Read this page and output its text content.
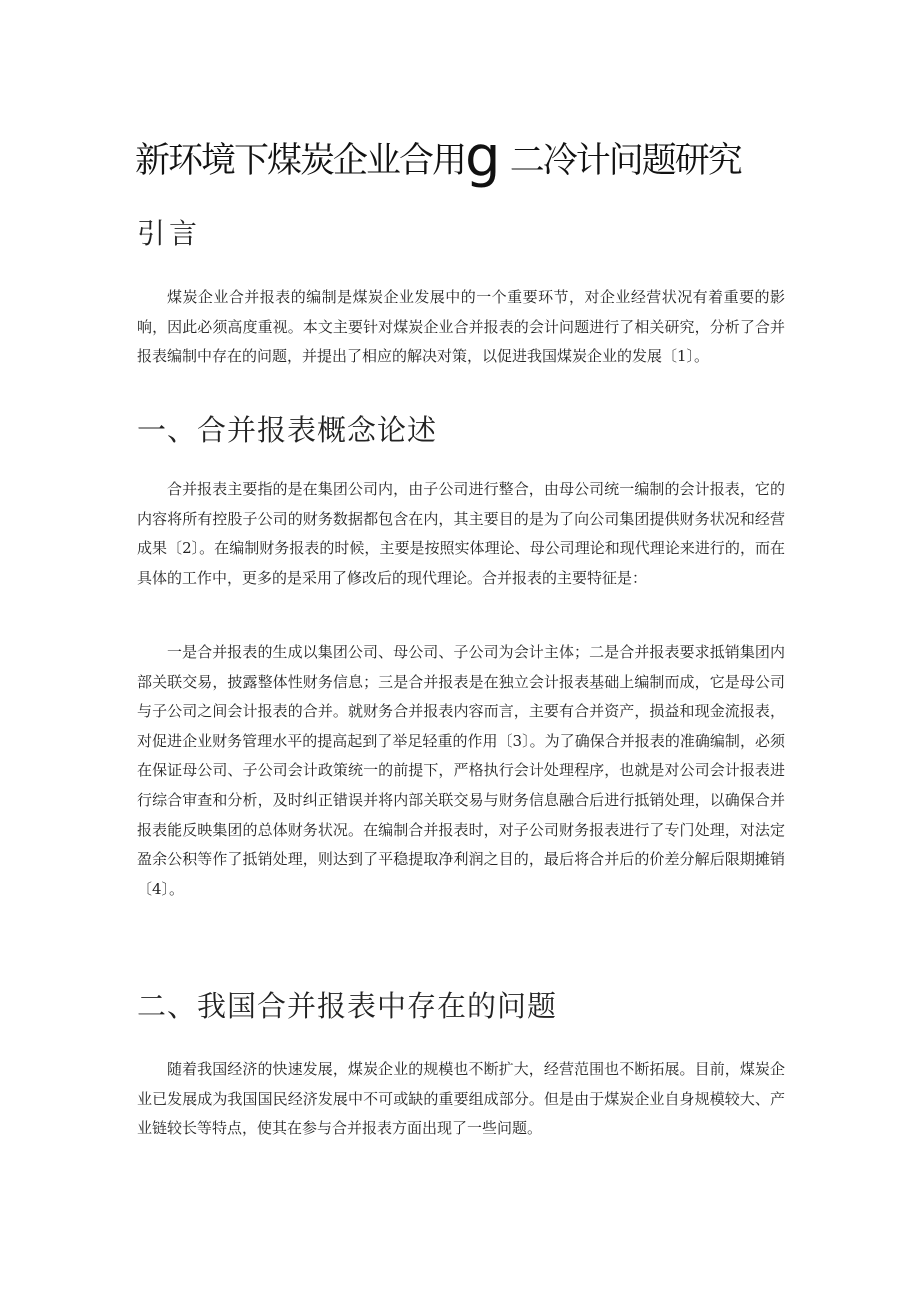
新环境下煤炭企业合用g 二冷计问题研究
引言

煤炭企业合并报表的编制是煤炭企业发展中的一个重要环节，对企业经营状况有着重要的影响，因此必须高度重视。本文主要针对煤炭企业合并报表的会计问题进行了相关研究，分析了合并报表编制中存在的问题，并提出了相应的解决对策，以促进我国煤炭企业的发展〔1〕。

一、合并报表概念论述

合并报表主要指的是在集团公司内，由子公司进行整合，由母公司统一编制的会计报表，它的内容将所有控股子公司的财务数据都包含在内，其主要目的是为了向公司集团提供财务状况和经营成果〔2〕。在编制财务报表的时候，主要是按照实体理论、母公司理论和现代理论来进行的，而在具体的工作中，更多的是采用了修改后的现代理论。合并报表的主要特征是：

一是合并报表的生成以集团公司、母公司、子公司为会计主体；二是合并报表要求抵销集团内部关联交易，披露整体性财务信息；三是合并报表是在独立会计报表基础上编制而成，它是母公司与子公司之间会计报表的合并。就财务合并报表内容而言，主要有合并资产，损益和现金流报表，对促进企业财务管理水平的提高起到了举足轻重的作用〔3〕。为了确保合并报表的准确编制，必须在保证母公司、子公司会计政策统一的前提下，严格执行会计处理程序，也就是对公司会计报表进行综合审查和分析，及时纠正错误并将内部关联交易与财务信息融合后进行抵销处理，以确保合并报表能反映集团的总体财务状况。在编制合并报表时，对子公司财务报表进行了专门处理，对法定盈余公积等作了抵销处理，则达到了平稳提取净利润之目的，最后将合并后的价差分解后限期摊销〔4〕。

二、我国合并报表中存在的问题

随着我国经济的快速发展，煤炭企业的规模也不断扩大，经营范围也不断拓展。目前，煤炭企业已发展成为我国国民经济发展中不可或缺的重要组成部分。但是由于煤炭企业自身规模较大、产业链较长等特点，使其在参与合并报表方面出现了一些问题。
